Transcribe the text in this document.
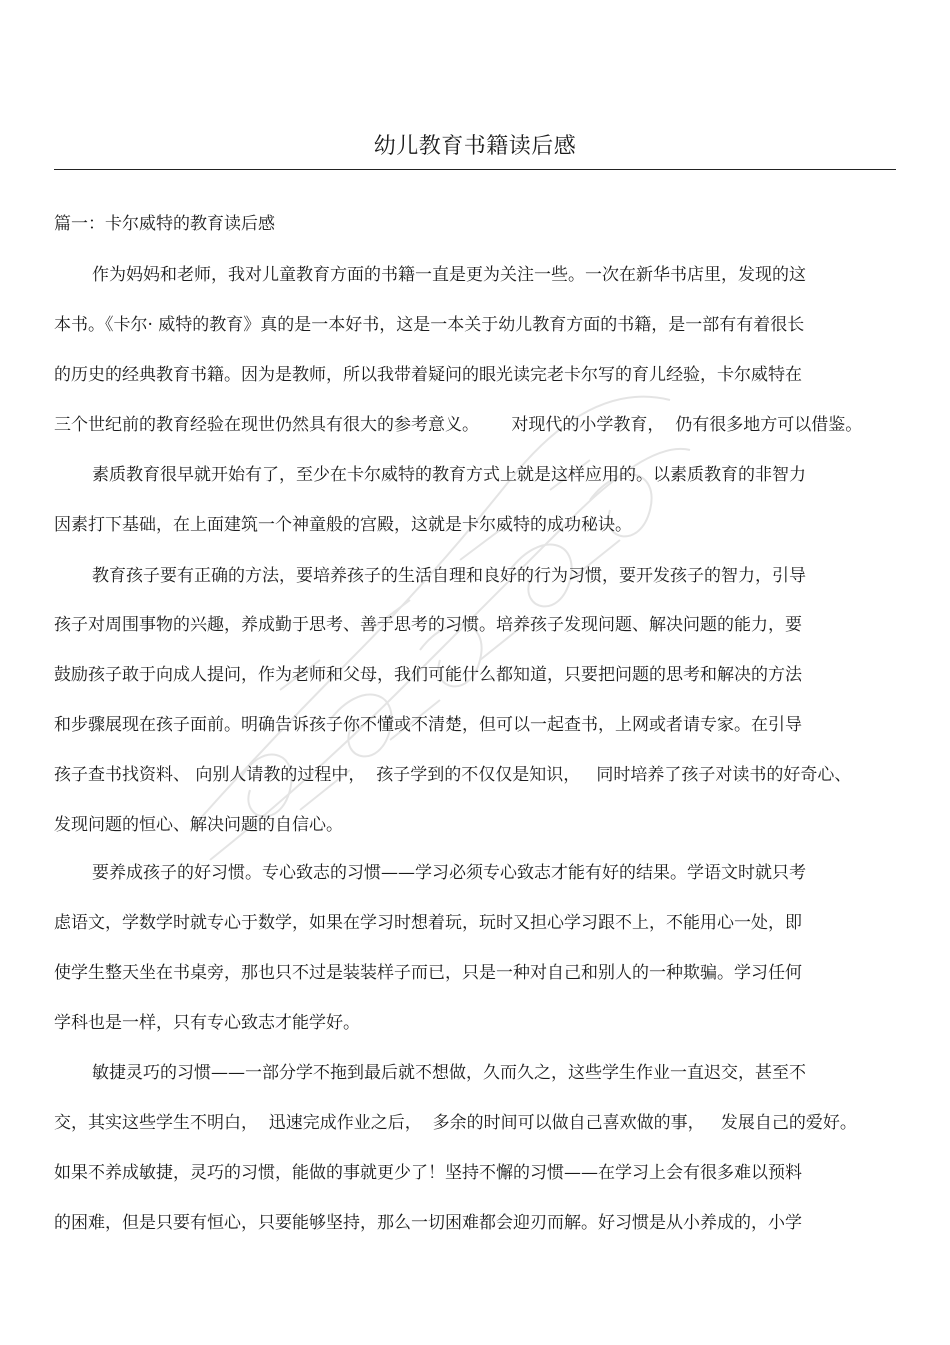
幼儿教育书籍读后感
篇一：卡尔威特的教育读后感
作为妈妈和老师，我对儿童教育方面的书籍一直是更为关注一些。一次在新华书店里，发现的这
本书。《卡尔· 威特的教育》真的是一本好书，这是一本关于幼儿教育方面的书籍，是一部有有着很长
的历史的经典教育书籍。因为是教师，所以我带着疑问的眼光读完老卡尔写的育儿经验，卡尔威特在
三个世纪前的教育经验在现世仍然具有很大的参考意义。      对现代的小学教育，  仍有很多地方可以借鉴。
素质教育很早就开始有了，至少在卡尔威特的教育方式上就是这样应用的。以素质教育的非智力
因素打下基础，在上面建筑一个神童般的宫殿，这就是卡尔威特的成功秘诀。
教育孩子要有正确的方法，要培养孩子的生活自理和良好的行为习惯，要开发孩子的智力，引导
孩子对周围事物的兴趣，养成勤于思考、善于思考的习惯。培养孩子发现问题、解决问题的能力，要
鼓励孩子敢于向成人提问，作为老师和父母，我们可能什么都知道，只要把问题的思考和解决的方法
和步骤展现在孩子面前。明确告诉孩子你不懂或不清楚，但可以一起查书，上网或者请专家。在引导
孩子查书找资料、 向别人请教的过程中，  孩子学到的不仅仅是知识，   同时培养了孩子对读书的好奇心、
发现问题的恒心、解决问题的自信心。
要养成孩子的好习惯。专心致志的习惯——学习必须专心致志才能有好的结果。学语文时就只考
虑语文，学数学时就专心于数学，如果在学习时想着玩，玩时又担心学习跟不上，不能用心一处，即
使学生整天坐在书桌旁，那也只不过是装装样子而已，只是一种对自己和别人的一种欺骗。学习任何
学科也是一样，只有专心致志才能学好。
敏捷灵巧的习惯——一部分学不拖到最后就不想做，久而久之，这些学生作业一直迟交，甚至不
交，其实这些学生不明白，  迅速完成作业之后，  多余的时间可以做自己喜欢做的事，   发展自己的爱好。
如果不养成敏捷，灵巧的习惯，能做的事就更少了！坚持不懈的习惯——在学习上会有很多难以预料
的困难，但是只要有恒心，只要能够坚持，那么一切困难都会迎刃而解。好习惯是从小养成的，小学
